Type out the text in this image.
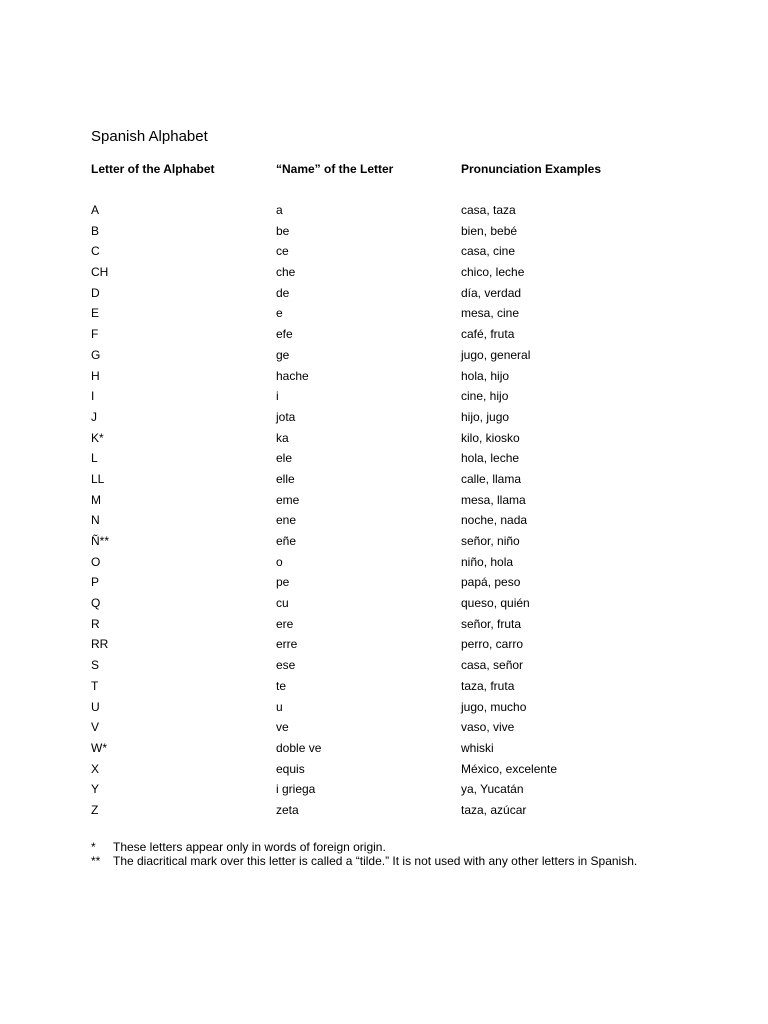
Spanish Alphabet
Letter of the Alphabet	“Name” of the Letter	Pronunciation Examples
A	a	casa, taza
B	be	bien, bebé
C	ce	casa, cine
CH	che	chico, leche
D	de	día, verdad
E	e	mesa, cine
F	efe	café, fruta
G	ge	jugo, general
H	hache	hola, hijo
I	i	cine, hijo
J	jota	hijo, jugo
K*	ka	kilo, kiosko
L	ele	hola, leche
LL	elle	calle, llama
M	eme	mesa, llama
N	ene	noche, nada
Ñ**	eñe	señor, niño
O	o	niño, hola
P	pe	papá, peso
Q	cu	queso, quién
R	ere	señor, fruta
RR	erre	perro, carro
S	ese	casa, señor
T	te	taza, fruta
U	u	jugo, mucho
V	ve	vaso, vive
W*	doble ve	whiski
X	equis	México, excelente
Y	i griega	ya, Yucatán
Z	zeta	taza, azúcar
* These letters appear only in words of foreign origin.
** The diacritical mark over this letter is called a “tilde.” It is not used with any other letters in Spanish.
